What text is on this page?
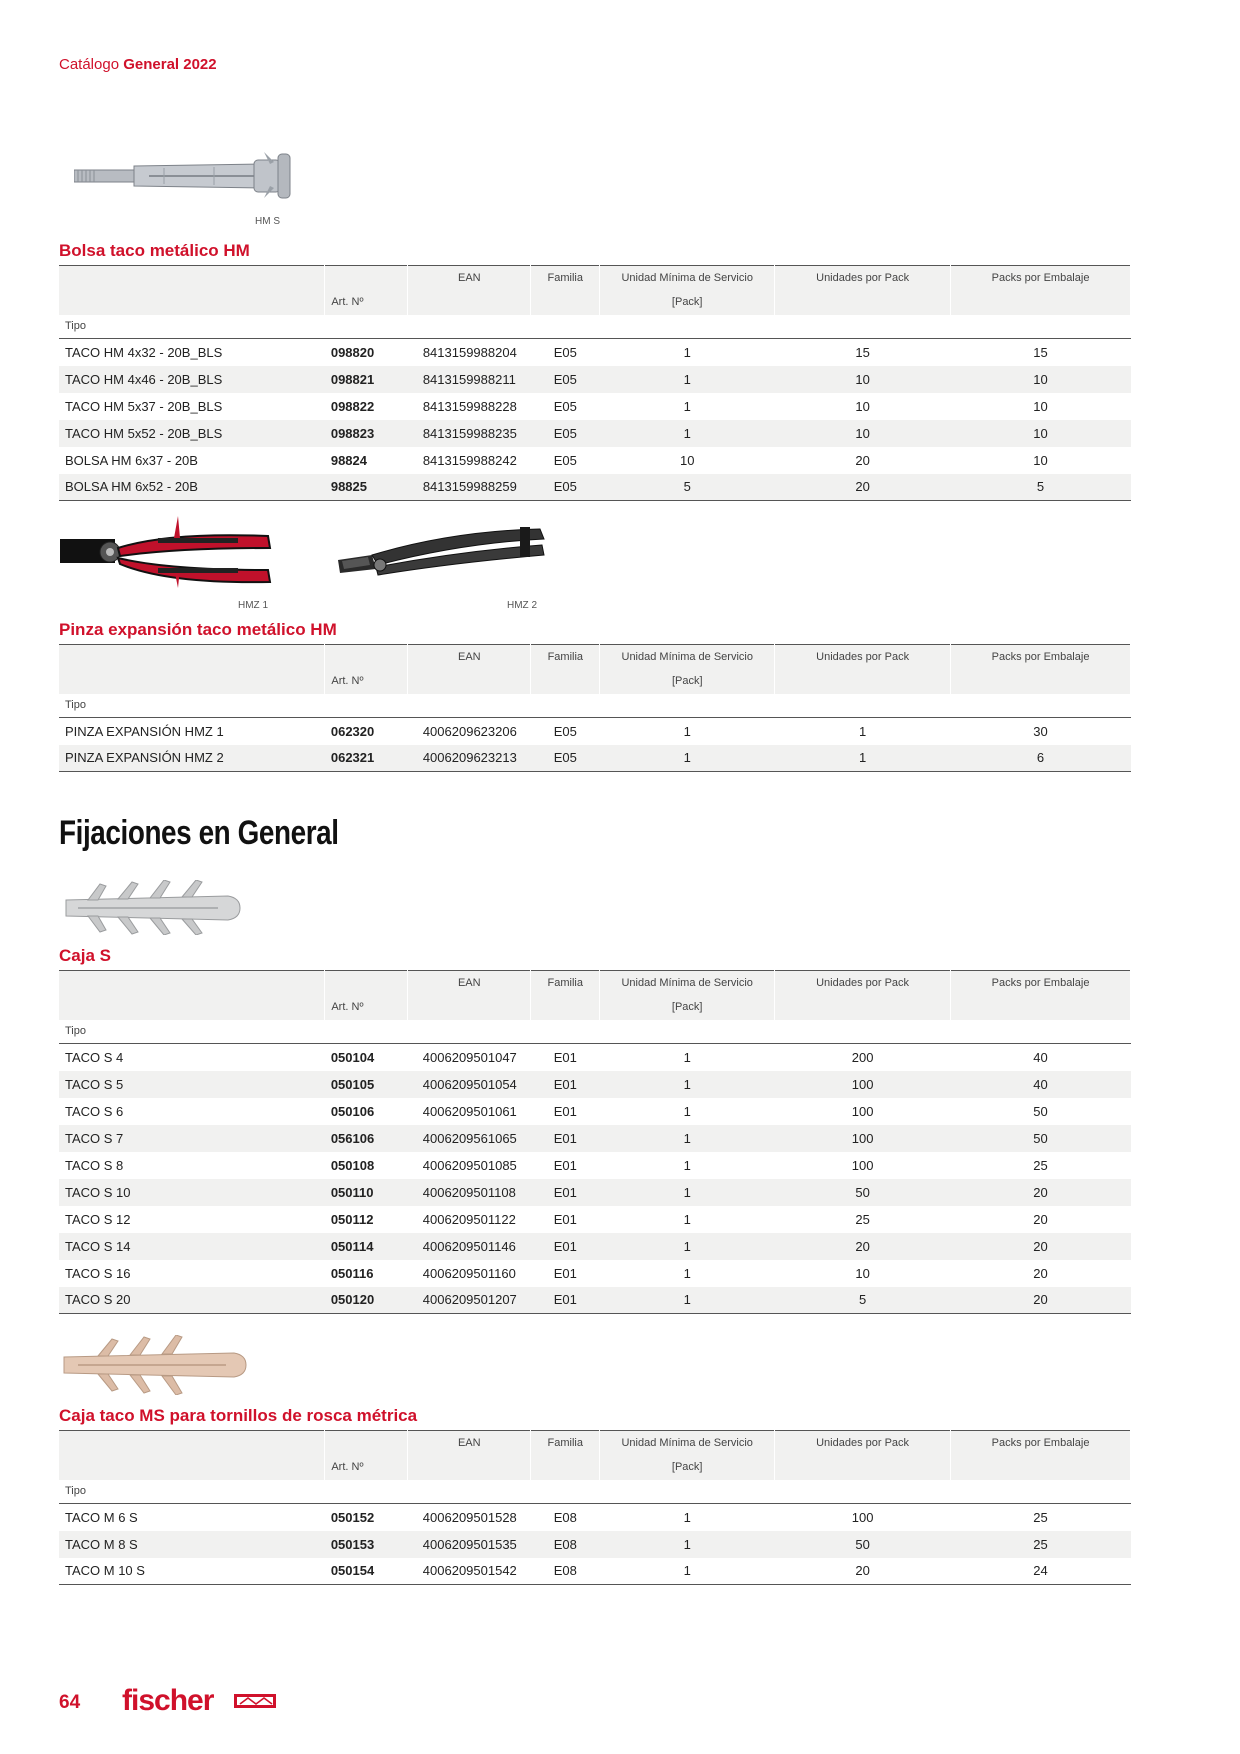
Catálogo General 2022
HM S
Bolsa taco metálico HM
		EAN	Familia	Unidad Mínima de Servicio	Unidades por Pack	Packs por Embalaje
	Art. Nº			[Pack]		
Tipo						
TACO HM 4x32 - 20B_BLS	098820	8413159988204	E05	1	15	15
TACO HM 4x46 - 20B_BLS	098821	8413159988211	E05	1	10	10
TACO HM 5x37 - 20B_BLS	098822	8413159988228	E05	1	10	10
TACO HM 5x52 - 20B_BLS	098823	8413159988235	E05	1	10	10
BOLSA HM 6x37 - 20B	98824	8413159988242	E05	10	20	10
BOLSA HM 6x52 - 20B	98825	8413159988259	E05	5	20	5
HMZ 1	HMZ 2
Pinza expansión taco metálico HM
		EAN	Familia	Unidad Mínima de Servicio	Unidades por Pack	Packs por Embalaje
	Art. Nº			[Pack]		
Tipo						
PINZA EXPANSIÓN HMZ 1	062320	4006209623206	E05	1	1	30
PINZA EXPANSIÓN HMZ 2	062321	4006209623213	E05	1	1	6
Fijaciones en General
Caja S
		EAN	Familia	Unidad Mínima de Servicio	Unidades por Pack	Packs por Embalaje
	Art. Nº			[Pack]		
Tipo						
TACO S 4	050104	4006209501047	E01	1	200	40
TACO S 5	050105	4006209501054	E01	1	100	40
TACO S 6	050106	4006209501061	E01	1	100	50
TACO S 7	056106	4006209561065	E01	1	100	50
TACO S 8	050108	4006209501085	E01	1	100	25
TACO S 10	050110	4006209501108	E01	1	50	20
TACO S 12	050112	4006209501122	E01	1	25	20
TACO S 14	050114	4006209501146	E01	1	20	20
TACO S 16	050116	4006209501160	E01	1	10	20
TACO S 20	050120	4006209501207	E01	1	5	20
Caja taco MS para tornillos de rosca métrica
		EAN	Familia	Unidad Mínima de Servicio	Unidades por Pack	Packs por Embalaje
	Art. Nº			[Pack]		
Tipo						
TACO M 6 S	050152	4006209501528	E08	1	100	25
TACO M 8 S	050153	4006209501535	E08	1	50	25
TACO M 10 S	050154	4006209501542	E08	1	20	24
64 fischer
